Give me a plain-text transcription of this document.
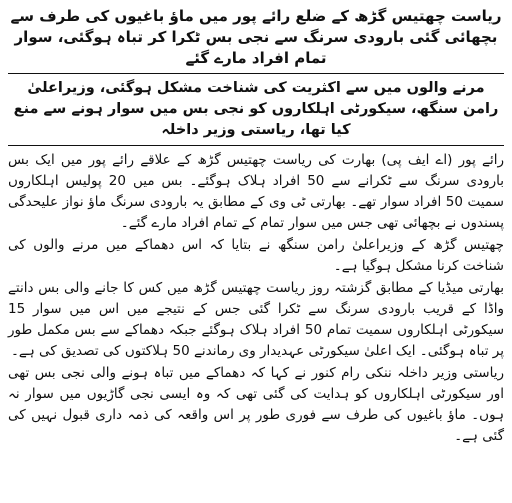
ریاست چھتیس گڑھ کے ضلع رائے پور میں ماؤ باغیوں کی طرف سے بچھائی گئی بارودی سرنگ سے نجی بس ٹکرا کر تباہ ہوگئی، سوار تمام افراد مارے گئے
مرنے والوں میں سے اکثریت کی شناخت مشکل ہوگئی، وزیراعلیٰ رامن سنگھ، سیکورٹی اہلکاروں کو نجی بس میں سوار ہونے سے منع کیا تھا، ریاستی وزیر داخلہ

رائے پور (اے ایف پی) بھارت کی ریاست چھتیس گڑھ کے علاقے رائے پور میں ایک بس بارودی سرنگ سے ٹکرانے سے 50 افراد ہلاک ہوگئے۔ بس میں 20 پولیس اہلکاروں سمیت 50 افراد سوار تھے۔ بھارتی ٹی وی کے مطابق یہ بارودی سرنگ ماؤ نواز علیحدگی پسندوں نے بچھائی تھی جس میں سوار تمام کے تمام افراد مارے گئے۔

چھتیس گڑھ کے وزیراعلیٰ رامن سنگھ نے بتایا کہ اس دھماکے میں مرنے والوں کی شناخت کرنا مشکل ہوگیا ہے۔

بھارتی میڈیا کے مطابق گزشتہ روز ریاست چھتیس گڑھ میں کس کا جانے والی بس دانتے واڈا کے قریب بارودی سرنگ سے ٹکرا گئی جس کے نتیجے میں اس میں سوار 15 سیکورٹی اہلکاروں سمیت تمام 50 افراد ہلاک ہوگئے جبکہ دھماکے سے بس مکمل طور پر تباہ ہوگئی۔ ایک اعلیٰ سیکورٹی عہدیدار وی رماندنے 50 ہلاکتوں کی تصدیق کی ہے۔

ریاستی وزیر داخلہ ننکی رام کنور نے کہا کہ دھماکے میں تباہ ہونے والی نجی بس تھی اور سیکورٹی اہلکاروں کو ہدایت کی گئی تھی کہ وہ ایسی نجی گاڑیوں میں سوار نہ ہوں۔ ماؤ باغیوں کی طرف سے فوری طور پر اس واقعہ کی ذمہ داری قبول نہیں کی گئی ہے۔
